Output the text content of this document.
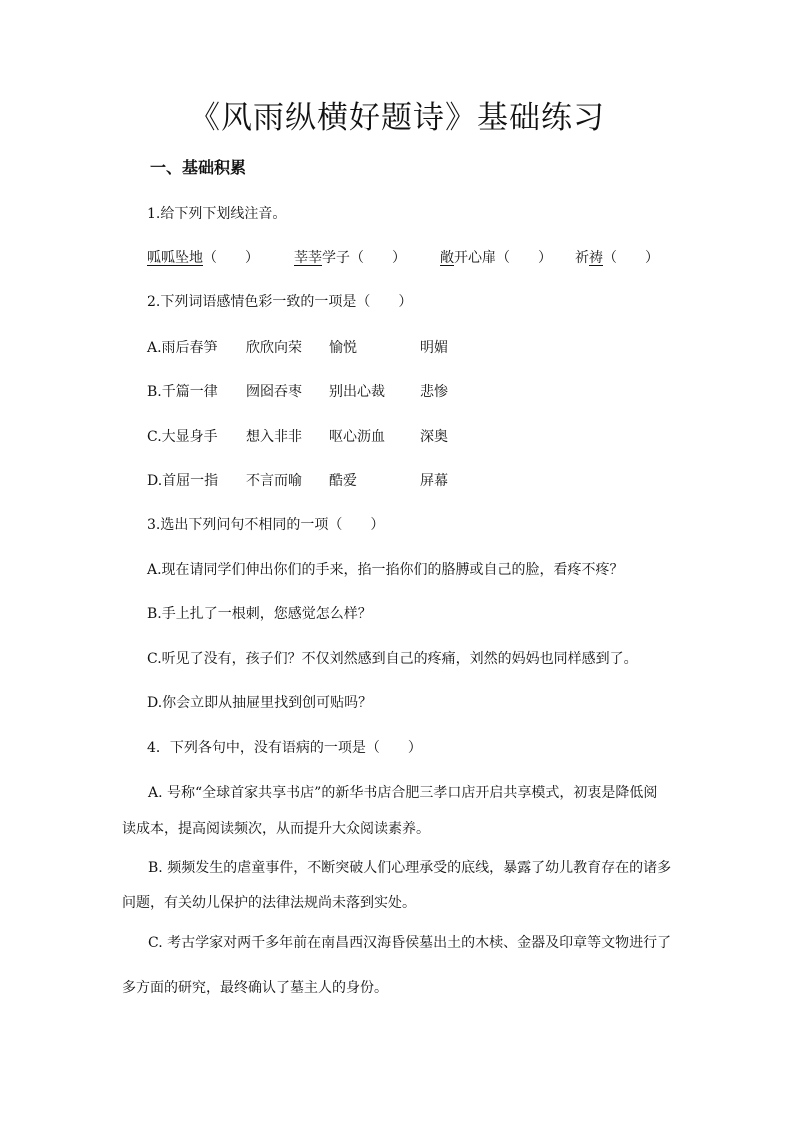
《风雨纵横好题诗》基础练习
一、基础积累
1.给下列下划线注音。
呱呱坠地（　　）	莘莘学子（　　） 敞开心扉（　　） 祈祷（　　）
2.下列词语感情色彩一致的一项是（　　）
A.雨后春笋 欣欣向荣 愉悦	明媚
B.千篇一律 囫囵吞枣 别出心裁	悲惨
C.大显身手 想入非非 呕心沥血	深奥
D.首屈一指 不言而喻 酷爱	屏幕
3.选出下列问句不相同的一项（　　）
A.现在请同学们伸出你们的手来，掐一掐你们的胳膊或自己的脸，看疼不疼？
B.手上扎了一根刺，您感觉怎么样？
C.听见了没有，孩子们？不仅刘然感到自己的疼痛，刘然的妈妈也同样感到了。
D.你会立即从抽屉里找到创可贴吗？
4．下列各句中，没有语病的一项是（　　）
A. 号称“全球首家共享书店”的新华书店合肥三孝口店开启共享模式，初衷是降低阅
读成本，提高阅读频次，从而提升大众阅读素养。
B. 频频发生的虐童事件，不断突破人们心理承受的底线，暴露了幼儿教育存在的诸多
问题，有关幼儿保护的法律法规尚未落到实处。
C. 考古学家对两千多年前在南昌西汉海昏侯墓出土的木椟、金器及印章等文物进行了
多方面的研究，最终确认了墓主人的身份。
